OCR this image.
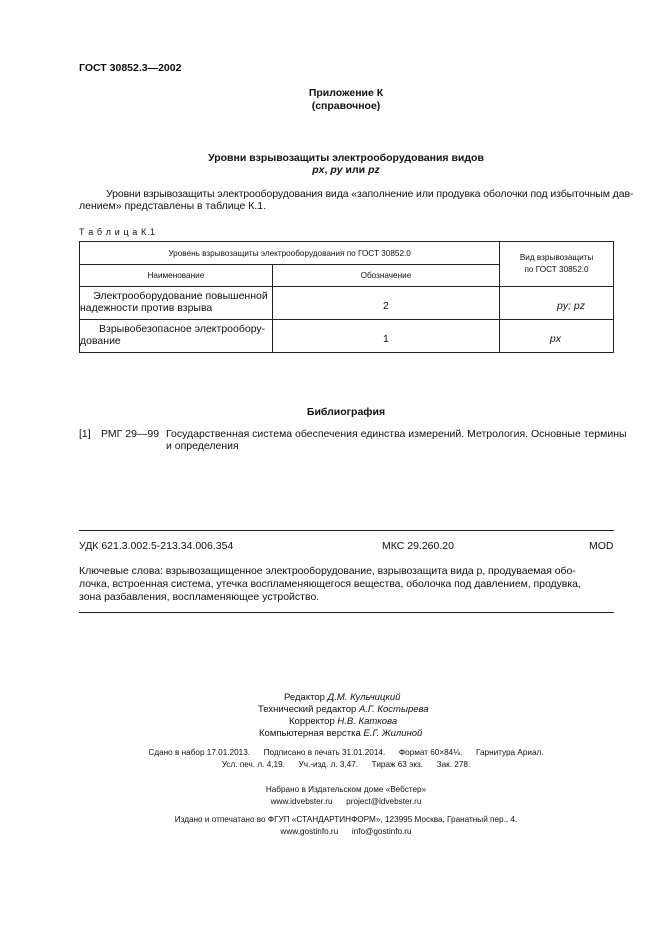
ГОСТ 30852.3—2002
Приложение К
(справочное)
Уровни взрывозащиты электрооборудования видов
px, py или pz
Уровни взрывозащиты электрооборудования вида «заполнение или продувка оболочки под избыточным дав-
лением» представлены в таблице К.1.
Т а б л и ц а К.1
Уровень взрывозащиты электрооборудования по ГОСТ 30852.0		Вид взрывозащиты
по ГОСТ 30852.0

Наименование	Обозначение	

Электрооборудование повышенной
надежности против взрыва	2	py; pz

Взрывобезопасное электрообору-
дование	1	px
Библиография
[1] РМГ 29—99 Государственная система обеспечения единства измерений. Метрология. Основные термины
и определения
УДК 621.3.002.5-213.34.006.354	МКС 29.260.20	MOD
Ключевые слова: взрывозащищенное электрооборудование, взрывозащита вида р, продуваемая обо-
лочка, встроенная система, утечка воспламеняющегося вещества, оболочка под давлением, продувка,
зона разбавления, воспламеняющее устройство.
Редактор Д.М. Кульчицкий
Технический редактор А.Г. Костырева
Корректор Н.В. Каткова
Компьютерная верстка Е.Г. Жилиной
Сдано в набор 17.01.2013.      Подписано в печать 31.01.2014.      Формат 60×84⅛.      Гарнитура Ариал.
Усл. печ. л. 4,19.      Уч.-изд. л. 3,47.      Тираж 63 экз.      Зак. 278.
Набрано в Издательском доме «Вебстер»
www.idvebster.ru      project@idvebster.ru
Издано и отпечатано во ФГУП «СТАНДАРТИНФОРМ», 123995 Москва, Гранатный пер., 4.
www.gostinfo.ru      info@gostinfo.ru
